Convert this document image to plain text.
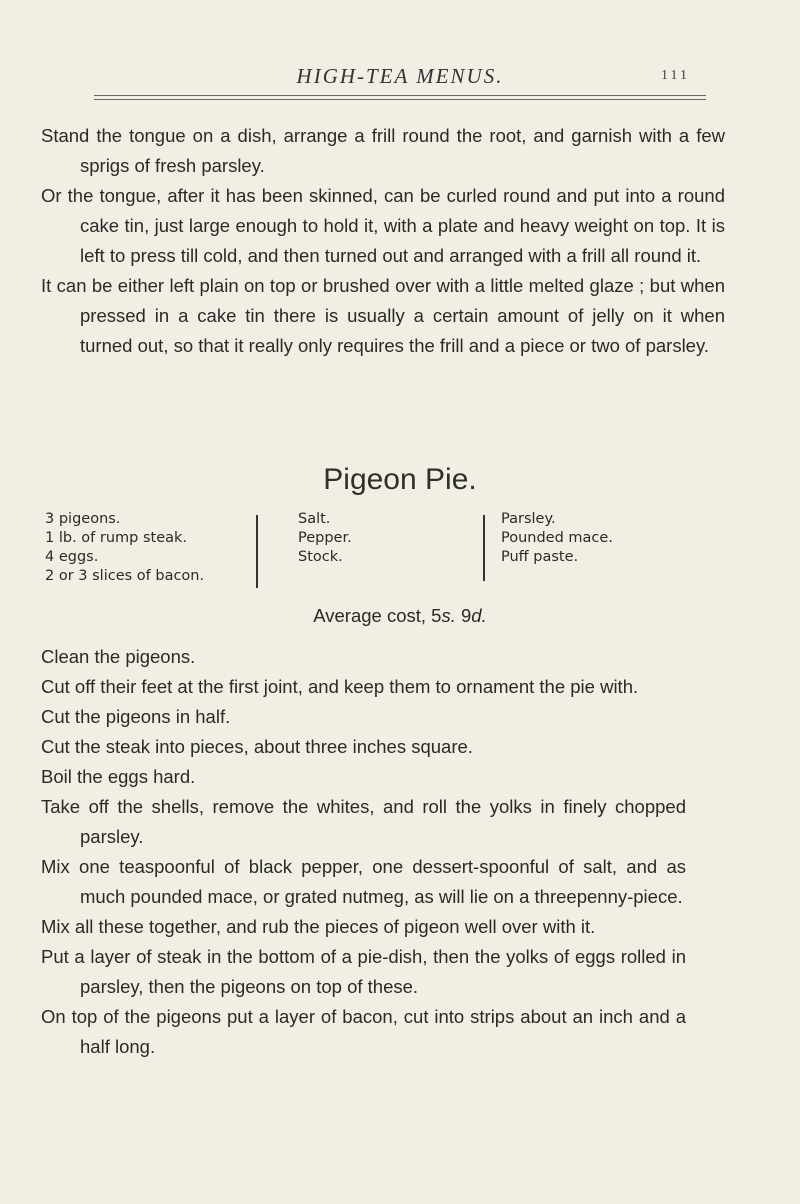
HIGH-TEA MENUS.	111

Stand the tongue on a dish, arrange a frill round the root, and garnish with a few sprigs of fresh parsley.

Or the tongue, after it has been skinned, can be curled round and put into a round cake tin, just large enough to hold it, with a plate and heavy weight on top. It is left to press till cold, and then turned out and arranged with a frill all round it.

It can be either left plain on top or brushed over with a little melted glaze ; but when pressed in a cake tin there is usually a certain amount of jelly on it when turned out, so that it really only requires the frill and a piece or two of parsley.

Pigeon Pie.
3 pigeons.
1 lb. of rump steak.
4 eggs.
2 or 3 slices of bacon.
Salt.
Pepper.
Stock.
Parsley.
Pounded mace.
Puff paste.
Average cost, 5s. 9d.
Clean the pigeons.
Cut off their feet at the first joint, and keep them to ornament the pie with.
Cut the pigeons in half.
Cut the steak into pieces, about three inches square.
Boil the eggs hard.
Take off the shells, remove the whites, and roll the yolks in finely chopped parsley.
Mix one teaspoonful of black pepper, one dessert-spoonful of salt, and as much pounded mace, or grated nutmeg, as will lie on a threepenny-piece.
Mix all these together, and rub the pieces of pigeon well over with it.
Put a layer of steak in the bottom of a pie-dish, then the yolks of eggs rolled in parsley, then the pigeons on top of these.
On top of the pigeons put a layer of bacon, cut into strips about an inch and a half long.
